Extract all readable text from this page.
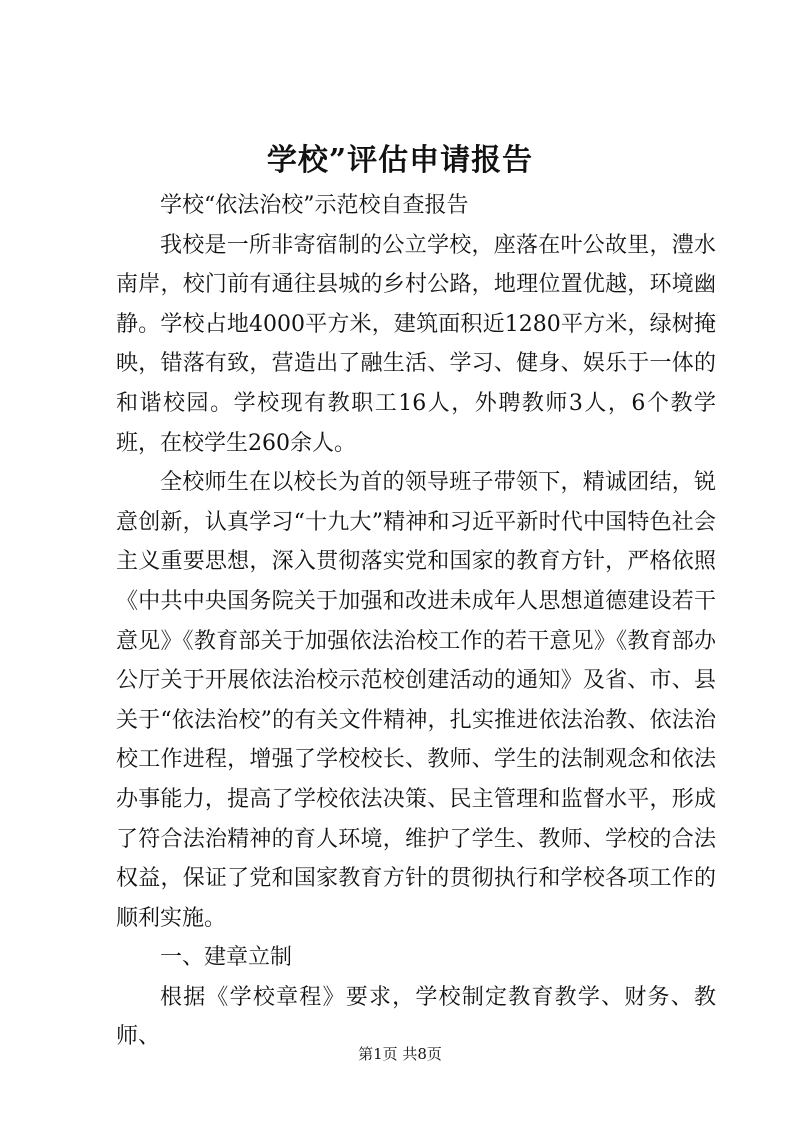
学校”评估申请报告

学校“依法治校”示范校自查报告

我校是一所非寄宿制的公立学校，座落在叶公故里，澧水南岸，校门前有通往县城的乡村公路，地理位置优越，环境幽静。学校占地4000平方米，建筑面积近1280平方米，绿树掩映，错落有致，营造出了融生活、学习、健身、娱乐于一体的和谐校园。学校现有教职工16人，外聘教师3人，6个教学班，在校学生260余人。

全校师生在以校长为首的领导班子带领下，精诚团结，锐意创新，认真学习“十九大”精神和习近平新时代中国特色社会主义重要思想，深入贯彻落实党和国家的教育方针，严格依照《中共中央国务院关于加强和改进未成年人思想道德建设若干意见》《教育部关于加强依法治校工作的若干意见》《教育部办公厅关于开展依法治校示范校创建活动的通知》及省、市、县关于“依法治校”的有关文件精神，扎实推进依法治教、依法治校工作进程，增强了学校校长、教师、学生的法制观念和依法办事能力，提高了学校依法决策、民主管理和监督水平，形成了符合法治精神的育人环境，维护了学生、教师、学校的合法权益，保证了党和国家教育方针的贯彻执行和学校各项工作的顺利实施。

一、建章立制

根据《学校章程》要求，学校制定教育教学、财务、教师、

第1页 共8页
